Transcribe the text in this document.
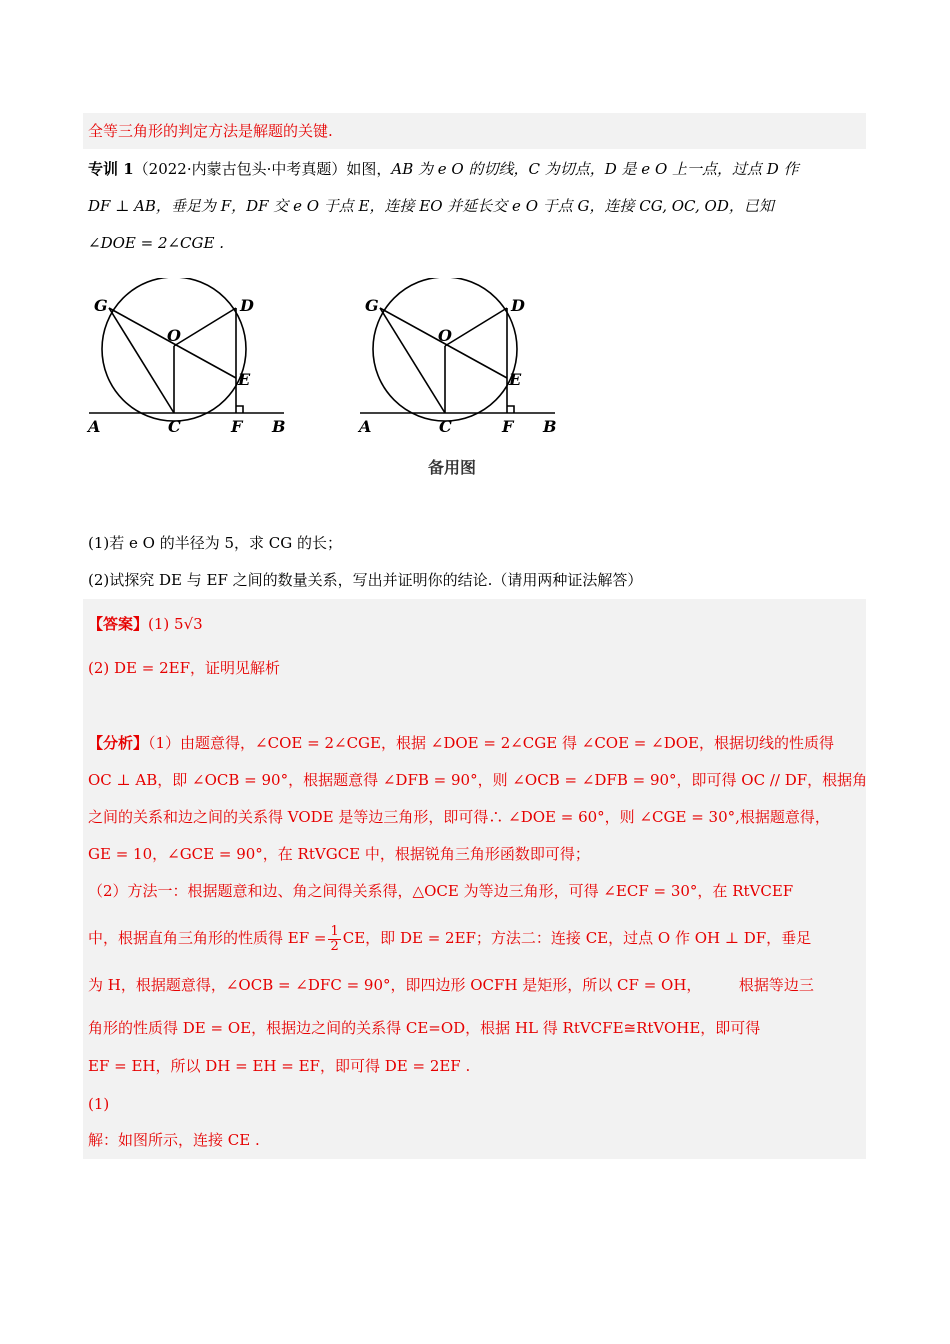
全等三角形的判定方法是解题的关键.
专训 1（2022·内蒙古包头·中考真题）如图，AB 为 e O 的切线，C 为切点，D 是 e O 上一点，过点 D 作
DF ⊥ AB，垂足为 F，DF 交 e O 于点 E，连接 EO 并延长交 e O 于点 G，连接 CG, OC, OD，已知
∠DOE = 2∠CGE .
G	D
O
E
A	C	F B
G	D
O
E
A	C	F B
备用图
(1)若 e O 的半径为 5，求 CG 的长；
(2)试探究 DE 与 EF 之间的数量关系，写出并证明你的结论.（请用两种证法解答）
【答案】(1) 5√3
(2) DE = 2EF，证明见解析
【分析】（1）由题意得，∠COE = 2∠CGE，根据 ∠DOE = 2∠CGE 得 ∠COE = ∠DOE，根据切线的性质得
OC ⊥ AB，即 ∠OCB = 90°，根据题意得 ∠DFB = 90°，则 ∠OCB = ∠DFB = 90°，即可得 OC // DF，根据角
之间的关系和边之间的关系得 VODE 是等边三角形，即可得∴ ∠DOE = 60°，则 ∠CGE = 30°,根据题意得，
GE = 10，∠GCE = 90°，在 RtVGCE 中，根据锐角三角形函数即可得；
（2）方法一：根据题意和边、角之间得关系得，△OCE 为等边三角形，可得 ∠ECF = 30°，在 RtVCEF
中，根据直角三角形的性质得 EF = $\frac{1}{2}$ CE，即 DE = 2EF；方法二：连接 CE，过点 O 作 OH ⊥ DF，垂足
为 H，根据题意得，∠OCB = ∠DFC = 90°，即四边形 OCFH 是矩形，所以 CF = OH，　　　根据等边三
角形的性质得 DE = OE，根据边之间的关系得 CE=OD，根据 HL 得 RtVCFE≅RtVOHE，即可得
EF = EH，所以 DH = EH = EF，即可得 DE = 2EF .
(1)
解：如图所示，连接 CE .
